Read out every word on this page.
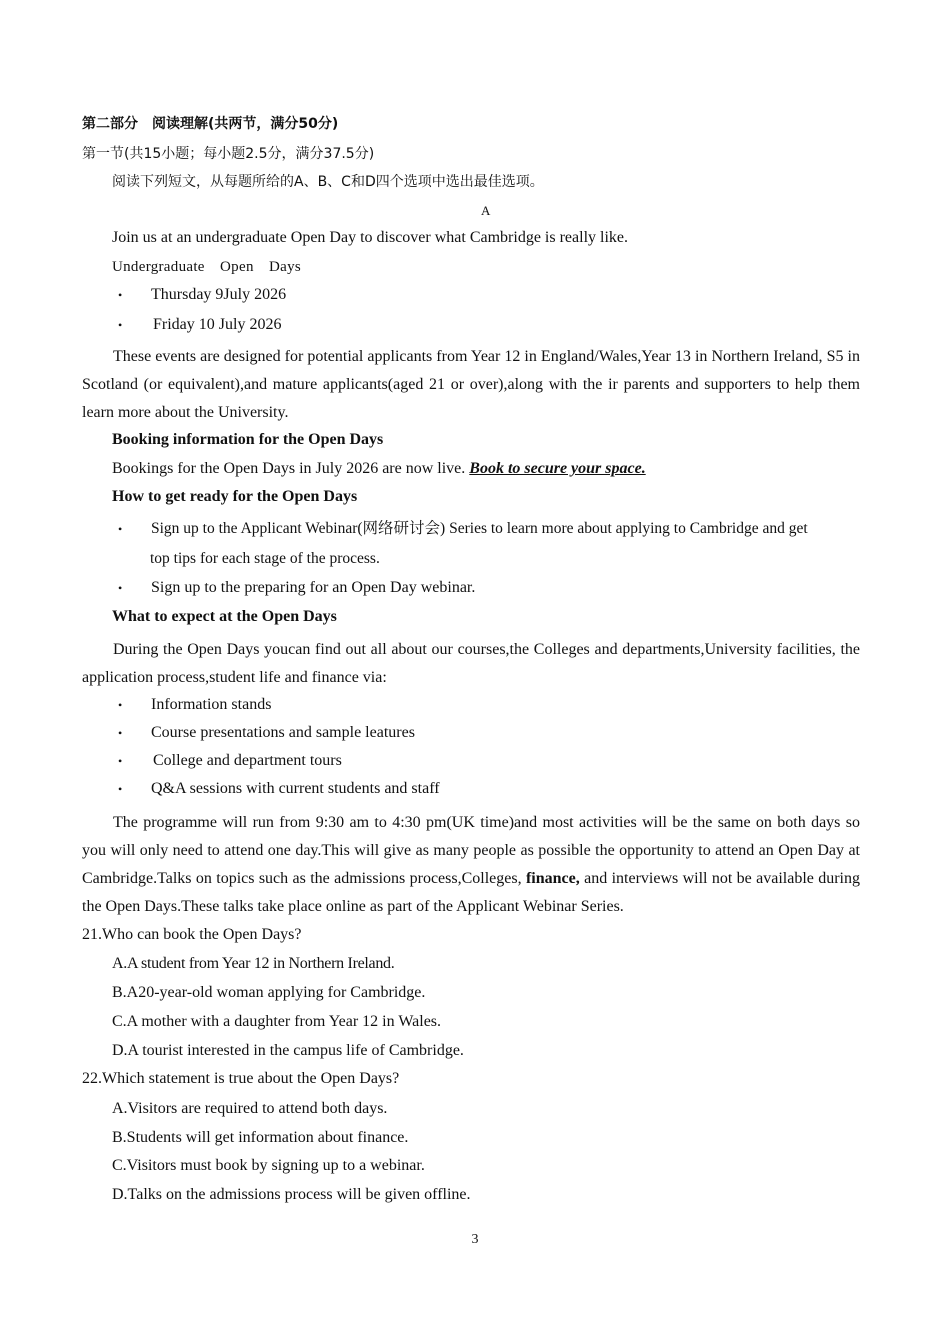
第二部分　阅读理解(共两节，满分50分)
第一节(共15小题；每小题2.5分，满分37.5分)
阅读下列短文，从每题所给的A、B、C和D四个选项中选出最佳选项。
A
Join us at an undergraduate Open Day to discover what Cambridge is really like.
Undergraduate　Open　Days
• Thursday 9July 2026
• Friday 10 July 2026

These events are designed for potential applicants from Year 12 in England/Wales,Year 13 in Northern Ireland, S5 in Scotland (or equivalent),and mature applicants(aged 21 or over),along with the ir parents and supporters to help them learn more about the University.

Booking information for the Open Days
Bookings for the Open Days in July 2026 are now live. Book to secure your space.
How to get ready for the Open Days
• Sign up to the Applicant Webinar(网络研讨会) Series to learn more about applying to Cambridge and get
top tips for each stage of the process.
• Sign up to the preparing for an Open Day webinar.
What to expect at the Open Days

During the Open Days youcan find out all about our courses,the Colleges and departments,University facilities, the application process,student life and finance via:

• Information stands
• Course presentations and sample leatures
• College and department tours
• Q&A sessions with current students and staff

The programme will run from 9:30 am to 4:30 pm(UK time)and most activities will be the same on both days so you will only need to attend one day.This will give as many people as possible the opportunity to attend an Open Day at Cambridge.Talks on topics such as the admissions process,Colleges, finance, and interviews will not be available during the Open Days.These talks take place online as part of the Applicant Webinar Series.

21.Who can book the Open Days?
A.A student from Year 12 in Northern Ireland.
B.A20-year-old woman applying for Cambridge.
C.A mother with a daughter from Year 12 in Wales.
D.A tourist interested in the campus life of Cambridge.
22.Which statement is true about the Open Days?
A.Visitors are required to attend both days.
B.Students will get information about finance.
C.Visitors must book by signing up to a webinar.
D.Talks on the admissions process will be given offline.
3
